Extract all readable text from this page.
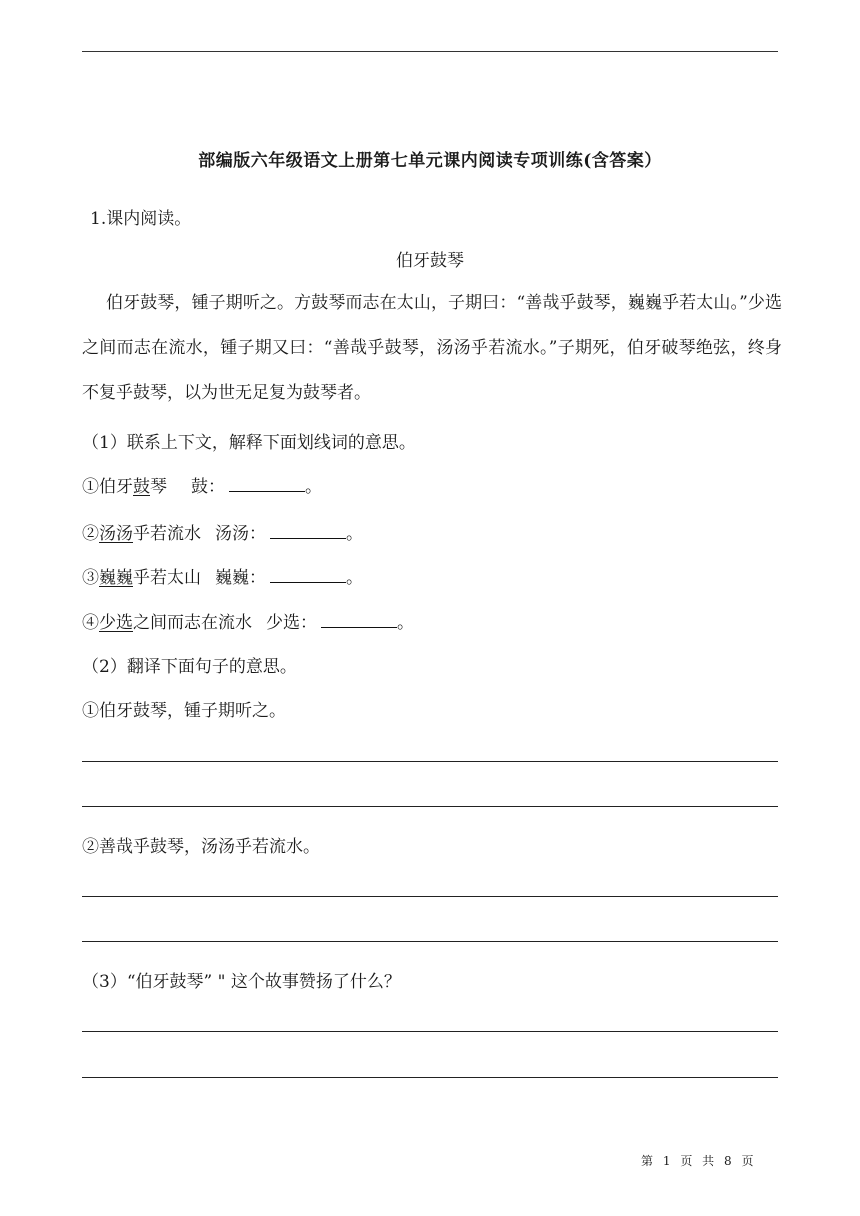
部编版六年级语文上册第七单元课内阅读专项训练(含答案）
1.课内阅读。
伯牙鼓琴
伯牙鼓琴，锺子期听之。方鼓琴而志在太山，子期曰：“善哉乎鼓琴，巍巍乎若太山。”少选之间而志在流水，锺子期又曰：“善哉乎鼓琴，汤汤乎若流水。”子期死，伯牙破琴绝弦，终身不复乎鼓琴，以为世无足复为鼓琴者。
（1）联系上下文，解释下面划线词的意思。
①伯牙鼓琴 鼓：	。
②汤汤乎若流水 汤汤：	。
③巍巍乎若太山 巍巍：	。
④少选之间而志在流水 少选：	。
（2）翻译下面句子的意思。
①伯牙鼓琴，锺子期听之。
②善哉乎鼓琴，汤汤乎若流水。
（3）“伯牙鼓琴” " 这个故事赞扬了什么？
第 1 页 共 8 页
